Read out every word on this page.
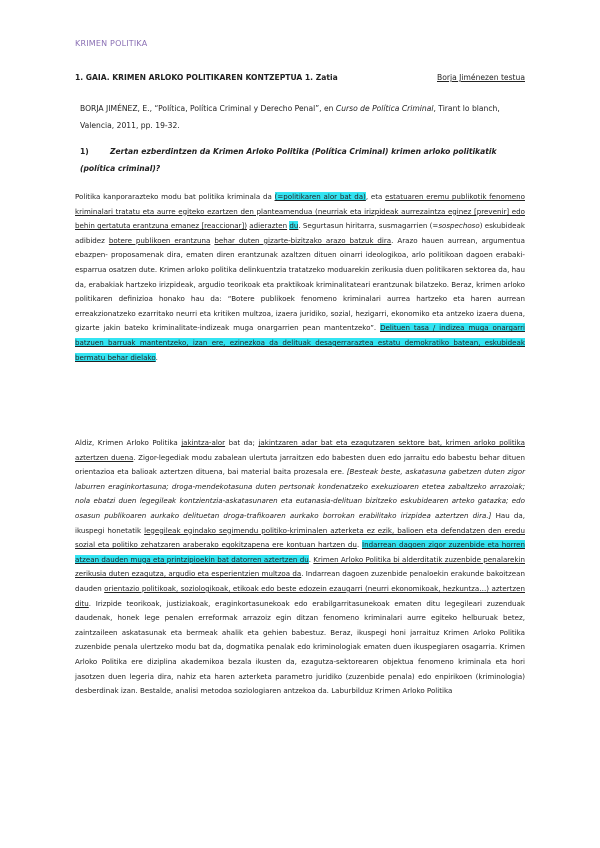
KRIMEN POLITIKA
1. GAIA. KRIMEN ARLOKO POLITIKAREN KONTZEPTUA 1. Zatia	Borja Jiménezen testua
BORJA JIMÉNEZ, E., “Política, Política Criminal y Derecho Penal”, en Curso de Política Criminal, Tirant lo blanch, Valencia, 2011, pp. 19-32.
1)	Zertan ezberdintzen da Krimen Arloko Politika (Política Criminal) krimen arloko politikatik (política criminal)?
Politika kanporarazteko modu bat politika kriminala da (=politikaren alor bat da), eta estatuaren eremu publikotik fenomeno kriminalari tratatu eta aurre egiteko ezartzen den planteamendua (neurriak eta irizpideak aurrezaintza eginez [prevenir] edo behin gertatuta erantzuna emanez [reaccionar]) adierazten du. Segurtasun hiritarra, susmagarrien (=sospechoso) eskubideak adibidez botere publikoen erantzuna behar duten gizarte-bizitzako arazo batzuk dira. Arazo hauen aurrean, argumentua ebazpen- proposamenak dira, ematen diren erantzunak azaltzen dituen oinarri ideologikoa, arlo politikoan dagoen erabaki-esparrua osatzen dute. Krimen arloko politika delinkuentzia tratatzeko moduarekin zerikusia duen politikaren sektorea da, hau da, erabakiak hartzeko irizpideak, argudio teorikoak eta praktikoak kriminalitateari erantzunak bilatzeko. Beraz, krimen arloko politikaren definizioa honako hau da: “Botere publikoek fenomeno kriminalari aurrea hartzeko eta haren aurrean erreakzionatzeko ezarritako neurri eta kritiken multzoa, izaera juridiko, sozial, hezigarri, ekonomiko eta antzeko izaera duena, gizarte jakin bateko kriminalitate-indizeak muga onargarrien pean mantentzeko”. Delituen tasa / indizea muga onargarri batzuen barruak mantentzeko, izan ere, ezinezkoa da delituak desagerraraztea estatu demokratiko batean, eskubideak bermatu behar dielako.
Aldiz, Krimen Arloko Politika jakintza-alor bat da; jakintzaren adar bat eta ezagutzaren sektore bat, krimen arloko politika aztertzen duena. Zigor-legediak modu zabalean ulertuta jarraitzen edo babesten duen edo jarraitu edo babestu behar dituen orientazioa eta balioak aztertzen dituena, bai material baita prozesala ere. [Besteak beste, askatasuna gabetzen duten zigor laburren eraginkortasuna; droga-mendekotasuna duten pertsonak kondenatzeko exekuzioaren etetea zabaltzeko arrazoiak; nola ebatzi duen legegileak kontzientzia-askatasunaren eta eutanasia-delituan bizitzeko eskubidearen arteko gatazka; edo osasun publikoaren aurkako delituetan droga-trafikoaren aurkako borrokan erabilitako irizpidea aztertzen dira.] Hau da, ikuspegi honetatik legegileak egindako segimendu politiko-kriminalen azterketa ez ezik, balioen eta defendatzen den eredu sozial eta politiko zehatzaren araberako egokitzapena ere kontuan hartzen du. Indarrean dagoen zigor zuzenbide eta horren atzean dauden muga eta printzipioekin bat datorren aztertzen du. Krimen Arloko Politika bi alderditatik zuzenbide penalarekin zerikusia duten ezagutza, argudio eta esperientzien multzoa da. Indarrean dagoen zuzenbide penaloekin erakunde bakoitzean dauden orientazio politikoak, soziologikoak, etikoak edo beste edozein ezaugarri (neurri ekonomikoak, hezkuntza…) aztertzen ditu. Irizpide teorikoak, justiziakoak, eraginkortasunekoak edo erabilgarritasunekoak ematen ditu legegileari zuzenduak daudenak, honek lege penalen erreformak arrazoiz egin ditzan fenomeno kriminalari aurre egiteko helburuak betez, zaintzaileen askatasunak eta bermeak ahalik eta gehien babestuz. Beraz, ikuspegi honi jarraituz Krimen Arloko Politika zuzenbide penala ulertzeko modu bat da, dogmatika penalak edo kriminologiak ematen duen ikuspegiaren osagarria. Krimen Arloko Politika ere diziplina akademikoa bezala ikusten da, ezagutza-sektorearen objektua fenomeno kriminala eta hori jasotzen duen legeria dira, nahiz eta haren azterketa parametro juridiko (zuzenbide penala) edo enpirikoen (kriminologia) desberdinak izan. Bestalde, analisi metodoa soziologiaren antzekoa da. Laburbilduz Krimen Arloko Politika
